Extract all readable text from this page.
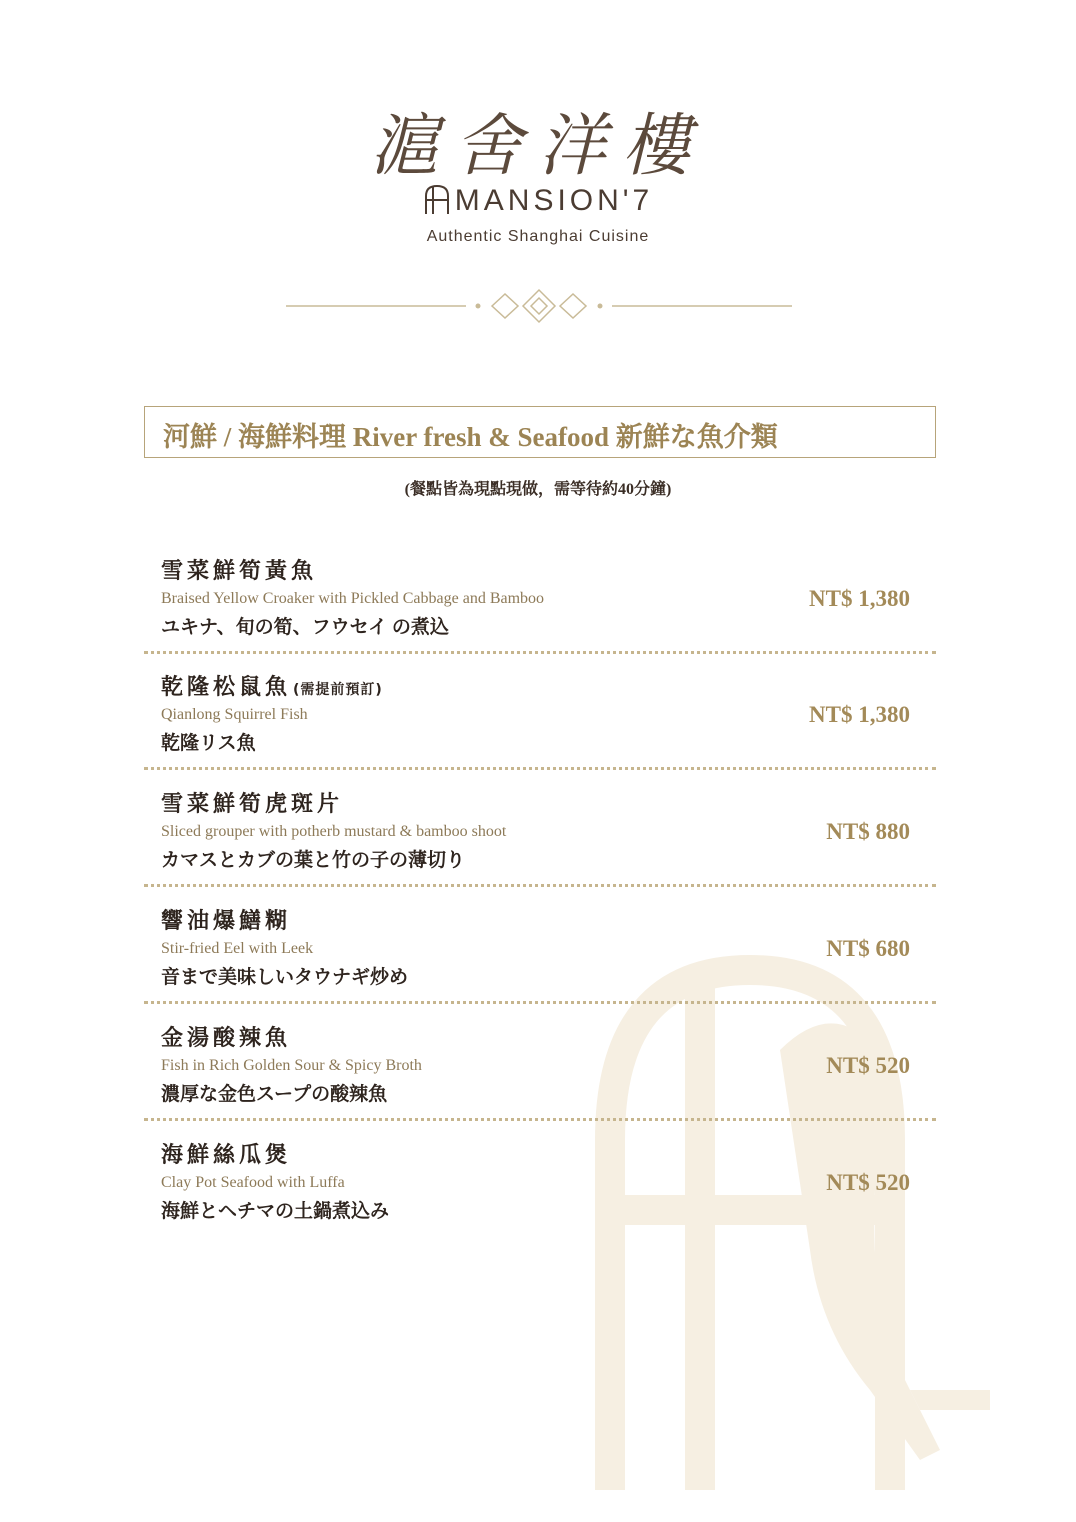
滬舍洋樓
MANSION'7
Authentic Shanghai Cuisine
河鮮 / 海鮮料理 River fresh & Seafood 新鮮な魚介類
(餐點皆為現點現做，需等待約40分鐘)
雪菜鮮筍黃魚
Braised Yellow Croaker with Pickled Cabbage and Bamboo
ユキナ、旬の筍、フウセイ の煮込
NT$ 1,380
乾隆松鼠魚 (需提前預訂)
Qianlong Squirrel Fish
乾隆リス魚
NT$ 1,380
雪菜鮮筍虎斑片
Sliced grouper with potherb mustard & bamboo shoot
カマスとカブの葉と竹の子の薄切り
NT$ 880
響油爆鱔糊
Stir-fried Eel with Leek
音まで美味しいタウナギ炒め
NT$ 680
金湯酸辣魚
Fish in Rich Golden Sour & Spicy Broth
濃厚な金色スープの酸辣魚
NT$ 520
海鮮絲瓜煲
Clay Pot Seafood with Luffa
海鮮とヘチマの土鍋煮込み
NT$ 520
